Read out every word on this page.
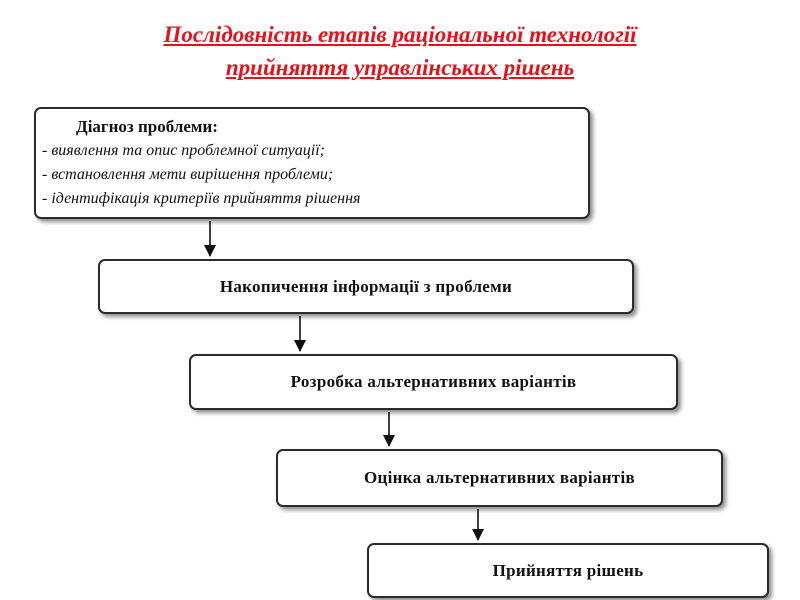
Послідовність етапів раціональної технології
прийняття управлінських рішень
Діагноз проблеми:
- виявлення та опис проблемної ситуації;
- встановлення мети вирішення проблеми;
- ідентифікація критеріїв прийняття рішення
Накопичення інформації з проблеми
Розробка альтернативних варіантів
Оцінка альтернативних варіантів
Прийняття рішень
